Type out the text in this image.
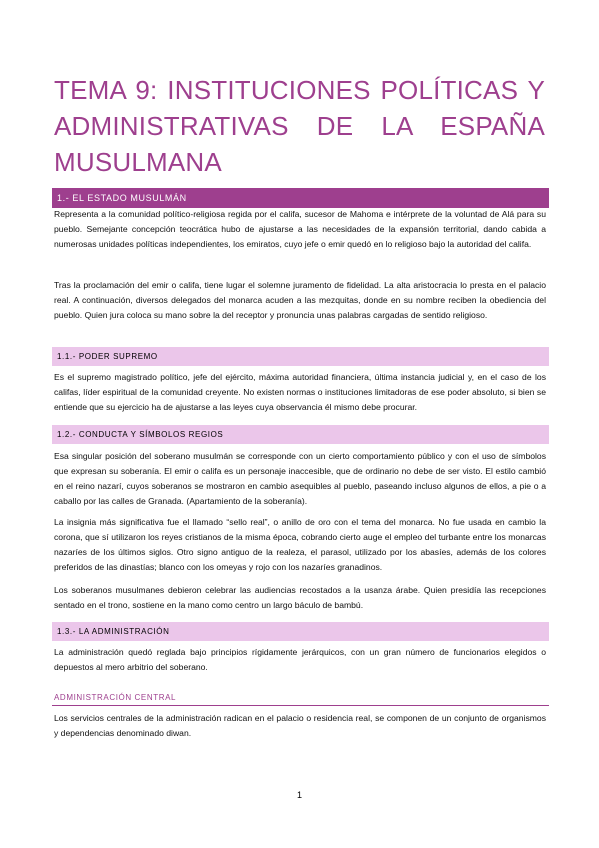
TEMA 9: INSTITUCIONES POLÍTICAS Y
ADMINISTRATIVAS DE LA ESPAÑA
MUSULMANA
1.- EL ESTADO MUSULMÁN

Representa a la comunidad político-religiosa regida por el califa, sucesor de Mahoma e intérprete de la voluntad de Alá para su pueblo. Semejante concepción teocrática hubo de ajustarse a las necesidades de la expansión territorial, dando cabida a numerosas unidades políticas independientes, los emiratos, cuyo jefe o emir quedó en lo religioso bajo la autoridad del califa.

Tras la proclamación del emir o califa, tiene lugar el solemne juramento de fidelidad. La alta aristocracia lo presta en el palacio real. A continuación, diversos delegados del monarca acuden a las mezquitas, donde en su nombre reciben la obediencia del pueblo. Quien jura coloca su mano sobre la del receptor y pronuncia unas palabras cargadas de sentido religioso.

1.1.- PODER SUPREMO

Es el supremo magistrado político, jefe del ejército, máxima autoridad financiera, última instancia judicial y, en el caso de los califas, líder espiritual de la comunidad creyente. No existen normas o instituciones limitadoras de ese poder absoluto, si bien se entiende que su ejercicio ha de ajustarse a las leyes cuya observancia él mismo debe procurar.

1.2.- CONDUCTA Y SÍMBOLOS REGIOS

Esa singular posición del soberano musulmán se corresponde con un cierto comportamiento público y con el uso de símbolos que expresan su soberanía. El emir o califa es un personaje inaccesible, que de ordinario no debe de ser visto. El estilo cambió en el reino nazarí, cuyos soberanos se mostraron en cambio asequibles al pueblo, paseando incluso algunos de ellos, a pie o a caballo por las calles de Granada. (Apartamiento de la soberanía).

La insignia más significativa fue el llamado “sello real”, o anillo de oro con el tema del monarca. No fue usada en cambio la corona, que sí utilizaron los reyes cristianos de la misma época, cobrando cierto auge el empleo del turbante entre los monarcas nazaríes de los últimos siglos. Otro signo antiguo de la realeza, el parasol, utilizado por los abasíes, además de los colores preferidos de las dinastías; blanco con los omeyas y rojo con los nazaríes granadinos.

Los soberanos musulmanes debieron celebrar las audiencias recostados a la usanza árabe. Quien presidía las recepciones sentado en el trono, sostiene en la mano como centro un largo báculo de bambú.

1.3.- LA ADMINISTRACIÓN

La administración quedó reglada bajo principios rígidamente jerárquicos, con un gran número de funcionarios elegidos o depuestos al mero arbitrio del soberano.

ADMINISTRACIÓN CENTRAL

Los servicios centrales de la administración radican en el palacio o residencia real, se componen de un conjunto de organismos y dependencias denominado diwan.

1
